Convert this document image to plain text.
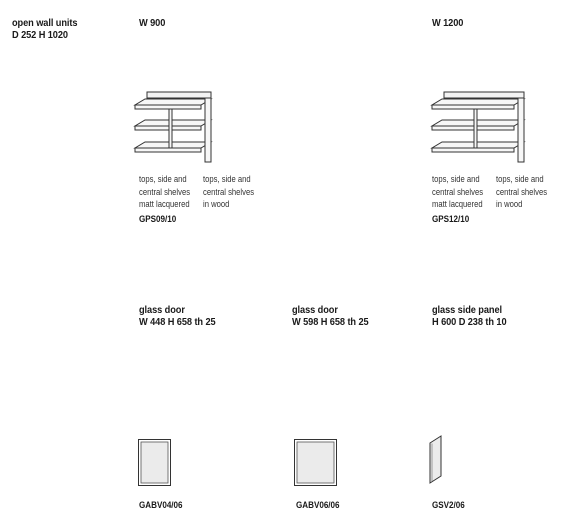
open wall units
D 252 H 1020
W 900
tops, side and
central shelves
matt lacquered
tops, side and
central shelves
in wood
GPS09/10
W 1200
tops, side and
central shelves
matt lacquered
tops, side and
central shelves
in wood
GPS12/10
glass door
W 448 H 658 th 25
GABV04/06
glass door
W 598 H 658 th 25
GABV06/06
glass side panel
H 600 D 238 th 10
GSV2/06
